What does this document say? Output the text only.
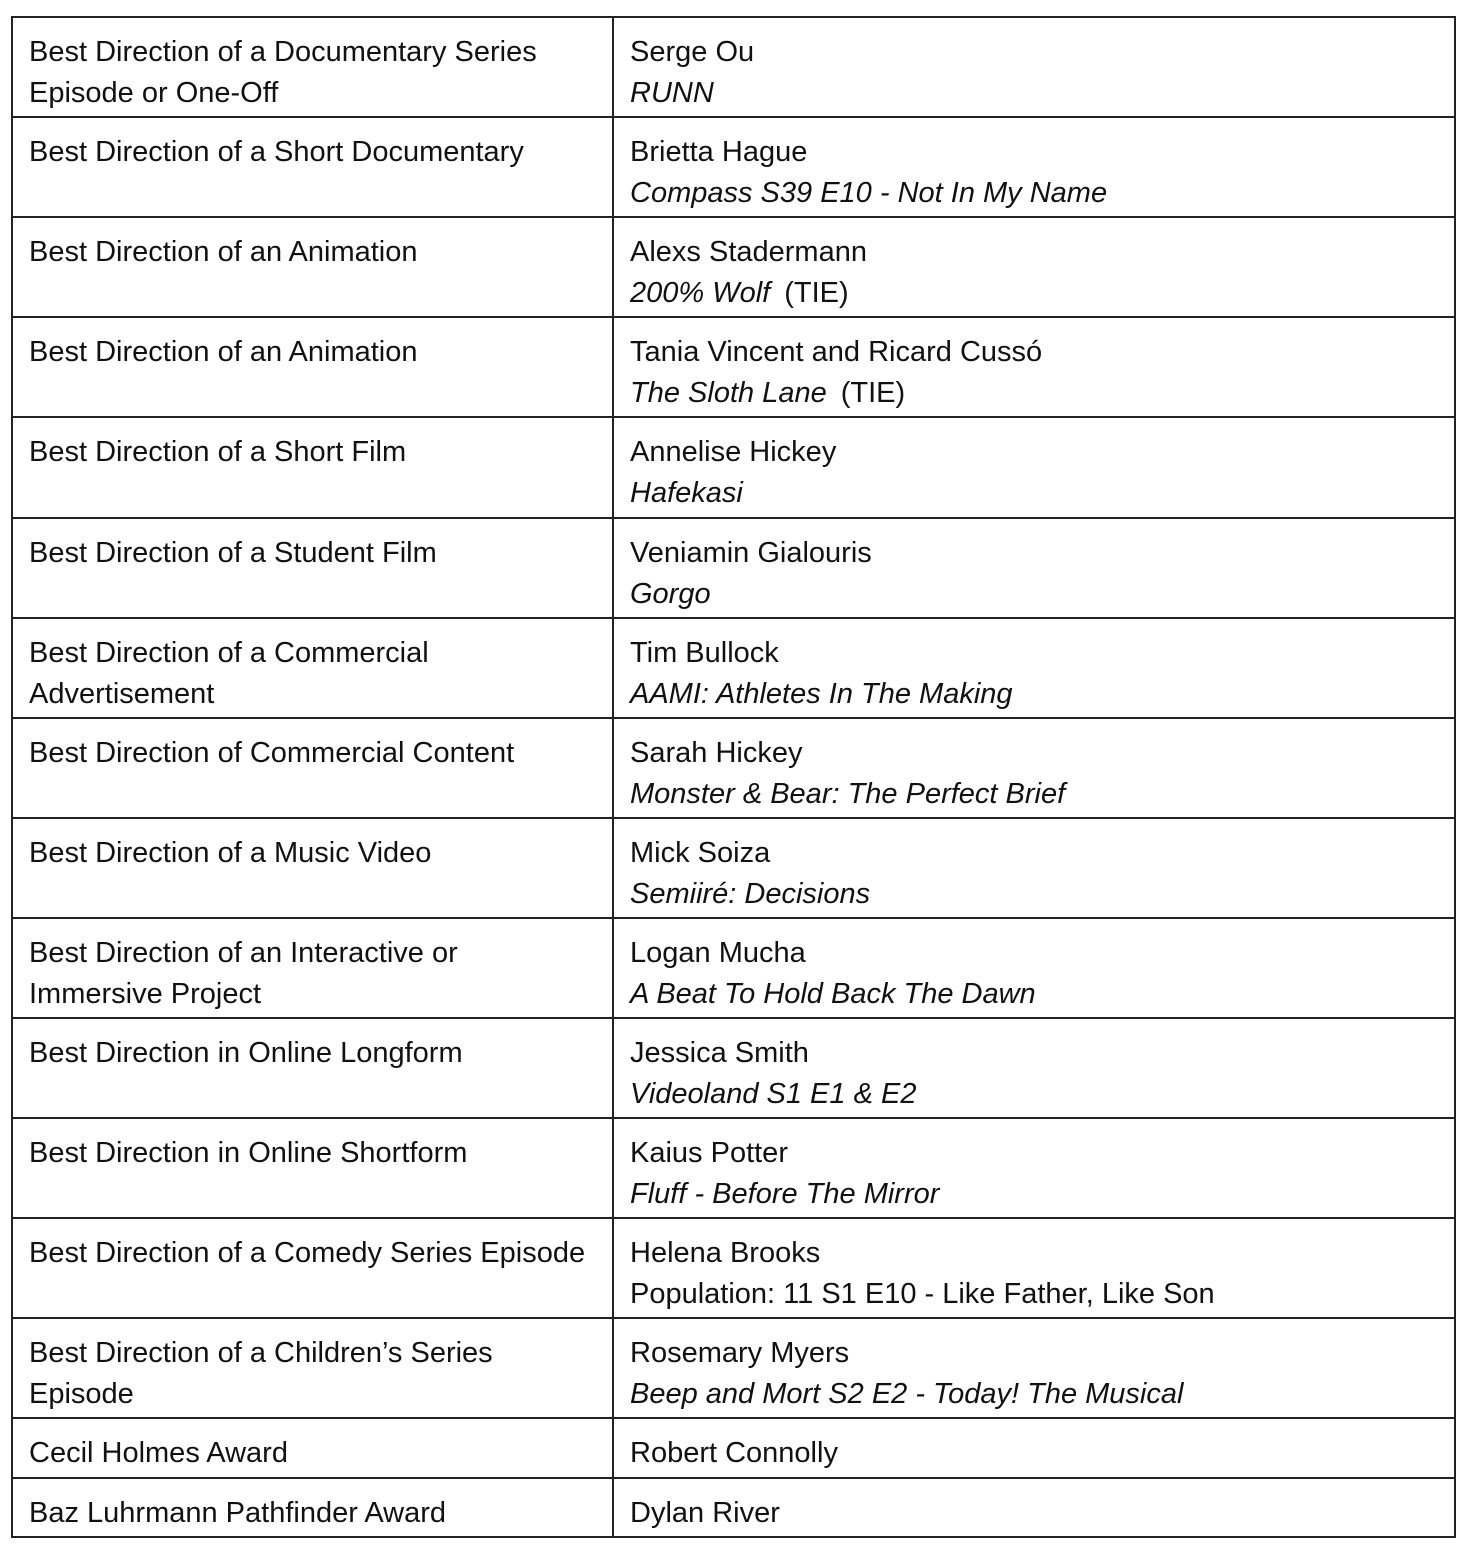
Best Direction of a Documentary Series Episode or One-Off	Serge Ou
RUNN

Best Direction of a Short Documentary	Brietta Hague
Compass S39 E10 - Not In My Name

Best Direction of an Animation	Alexs Stadermann
200% Wolf (TIE)

Best Direction of an Animation	Tania Vincent and Ricard Cussó
The Sloth Lane (TIE)

Best Direction of a Short Film	Annelise Hickey
Hafekasi

Best Direction of a Student Film	Veniamin Gialouris
Gorgo

Best Direction of a Commercial Advertisement	Tim Bullock
AAMI: Athletes In The Making

Best Direction of Commercial Content	Sarah Hickey
Monster & Bear: The Perfect Brief

Best Direction of a Music Video	Mick Soiza
Semiiré: Decisions

Best Direction of an Interactive or Immersive Project	Logan Mucha
A Beat To Hold Back The Dawn

Best Direction in Online Longform	Jessica Smith
Videoland S1 E1 & E2

Best Direction in Online Shortform	Kaius Potter
Fluff - Before The Mirror

Best Direction of a Comedy Series Episode	Helena Brooks
Population: 11 S1 E10 - Like Father, Like Son

Best Direction of a Children’s Series Episode	Rosemary Myers
Beep and Mort S2 E2 - Today! The Musical

Cecil Holmes Award	Robert Connolly

Baz Luhrmann Pathfinder Award	Dylan River
